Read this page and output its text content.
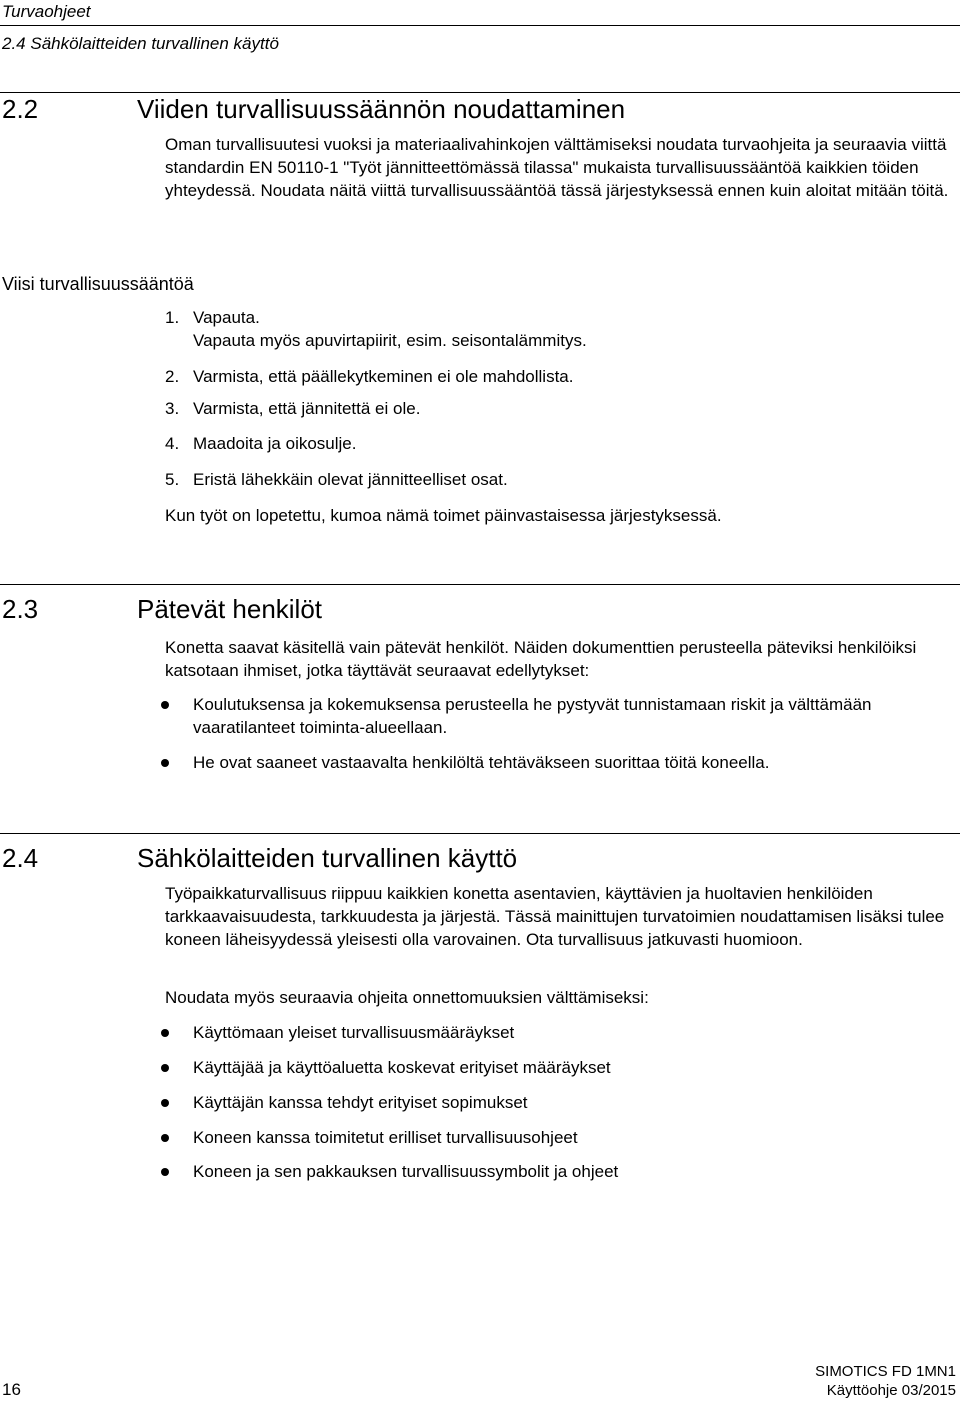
Turvaohjeet
2.4 Sähkölaitteiden turvallinen käyttö
2.2	Viiden turvallisuussäännön noudattaminen

Oman turvallisuutesi vuoksi ja materiaalivahinkojen välttämiseksi noudata turvaohjeita ja seuraavia viittä standardin EN 50110-1 "Työt jännitteettömässä tilassa" mukaista turvallisuussääntöä kaikkien töiden yhteydessä. Noudata näitä viittä turvallisuussääntöä tässä järjestyksessä ennen kuin aloitat mitään töitä.

Viisi turvallisuussääntöä
1. Vapauta.
Vapauta myös apuvirtapiirit, esim. seisontalämmitys.
2. Varmista, että päällekytkeminen ei ole mahdollista.
3. Varmista, että jännitettä ei ole.
4. Maadoita ja oikosulje.
5. Eristä lähekkäin olevat jännitteelliset osat.
Kun työt on lopetettu, kumoa nämä toimet päinvastaisessa järjestyksessä.
2.3	Pätevät henkilöt

Konetta saavat käsitellä vain pätevät henkilöt. Näiden dokumenttien perusteella päteviksi henkilöiksi katsotaan ihmiset, jotka täyttävät seuraavat edellytykset:

Koulutuksensa ja kokemuksensa perusteella he pystyvät tunnistamaan riskit ja välttämään vaaratilanteet toiminta-alueellaan.
He ovat saaneet vastaavalta henkilöltä tehtäväkseen suorittaa töitä koneella.
2.4	Sähkölaitteiden turvallinen käyttö

Työpaikkaturvallisuus riippuu kaikkien konetta asentavien, käyttävien ja huoltavien henkilöiden tarkkaavaisuudesta, tarkkuudesta ja järjestä. Tässä mainittujen turvatoimien noudattamisen lisäksi tulee koneen läheisyydessä yleisesti olla varovainen. Ota turvallisuus jatkuvasti huomioon.

Noudata myös seuraavia ohjeita onnettomuuksien välttämiseksi:

Käyttömaan yleiset turvallisuusmääräykset
Käyttäjää ja käyttöaluetta koskevat erityiset määräykset
Käyttäjän kanssa tehdyt erityiset sopimukset
Koneen kanssa toimitetut erilliset turvallisuusohjeet
Koneen ja sen pakkauksen turvallisuussymbolit ja ohjeet
16
SIMOTICS FD 1MN1
Käyttöohje 03/2015
